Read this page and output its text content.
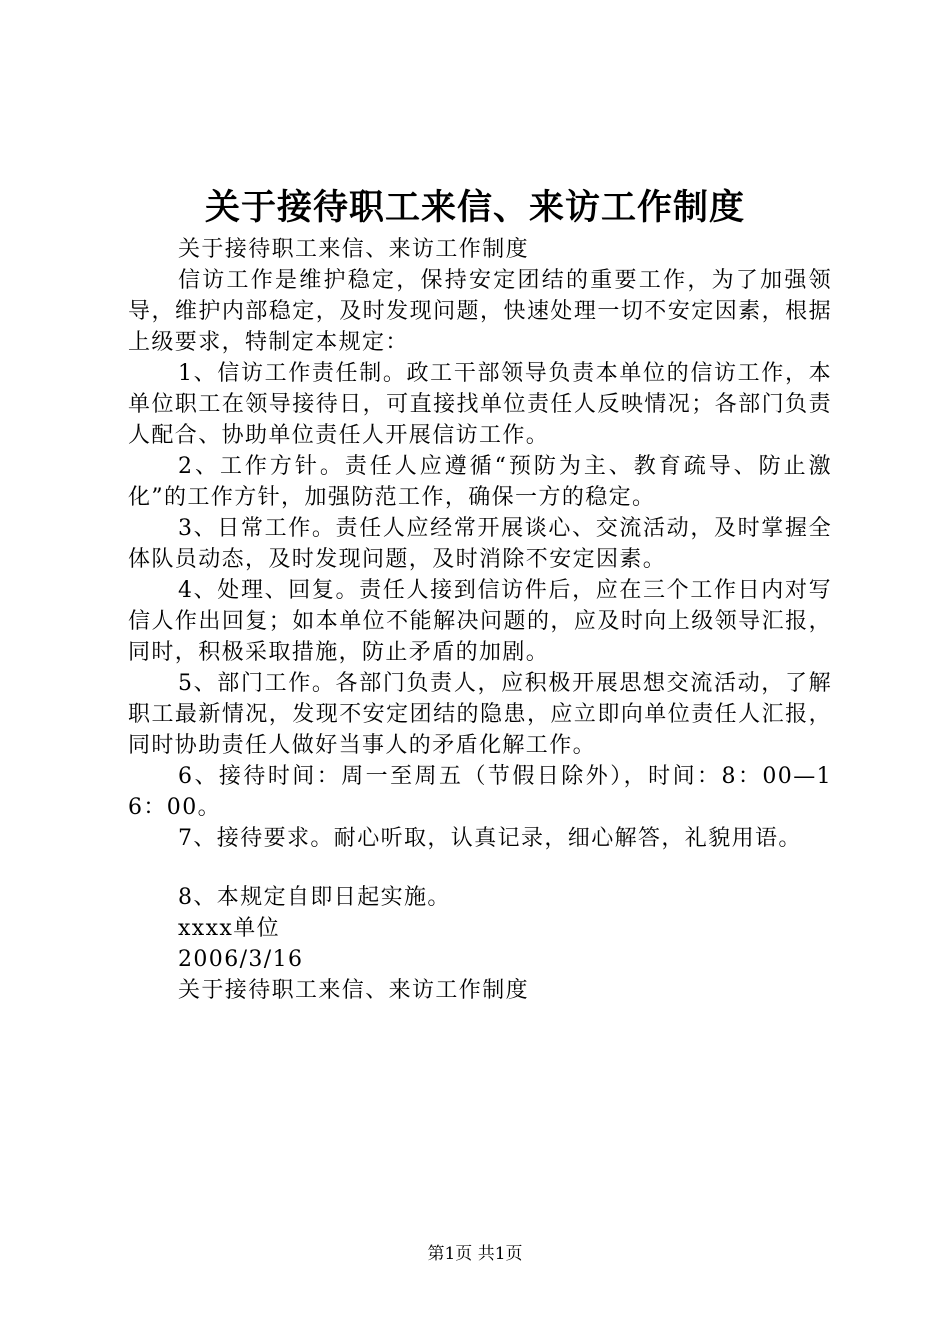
关于接待职工来信、来访工作制度

关于接待职工来信、来访工作制度

信访工作是维护稳定，保持安定团结的重要工作，为了加强领导，维护内部稳定，及时发现问题，快速处理一切不安定因素，根据上级要求，特制定本规定：

1、信访工作责任制。政工干部领导负责本单位的信访工作，本单位职工在领导接待日，可直接找单位责任人反映情况；各部门负责人配合、协助单位责任人开展信访工作。

2、工作方针。责任人应遵循“预防为主、教育疏导、防止激化”的工作方针，加强防范工作，确保一方的稳定。

3、日常工作。责任人应经常开展谈心、交流活动，及时掌握全体队员动态，及时发现问题，及时消除不安定因素。

4、处理、回复。责任人接到信访件后，应在三个工作日内对写信人作出回复；如本单位不能解决问题的，应及时向上级领导汇报，同时，积极采取措施，防止矛盾的加剧。

5、部门工作。各部门负责人，应积极开展思想交流活动，了解职工最新情况，发现不安定团结的隐患，应立即向单位责任人汇报，同时协助责任人做好当事人的矛盾化解工作。

6、接待时间：周一至周五（节假日除外），时间：8：00—16：00。

7、接待要求。耐心听取，认真记录，细心解答，礼貌用语。

8、本规定自即日起实施。

xxxx单位

2006/3/16

关于接待职工来信、来访工作制度

第1页 共1页
